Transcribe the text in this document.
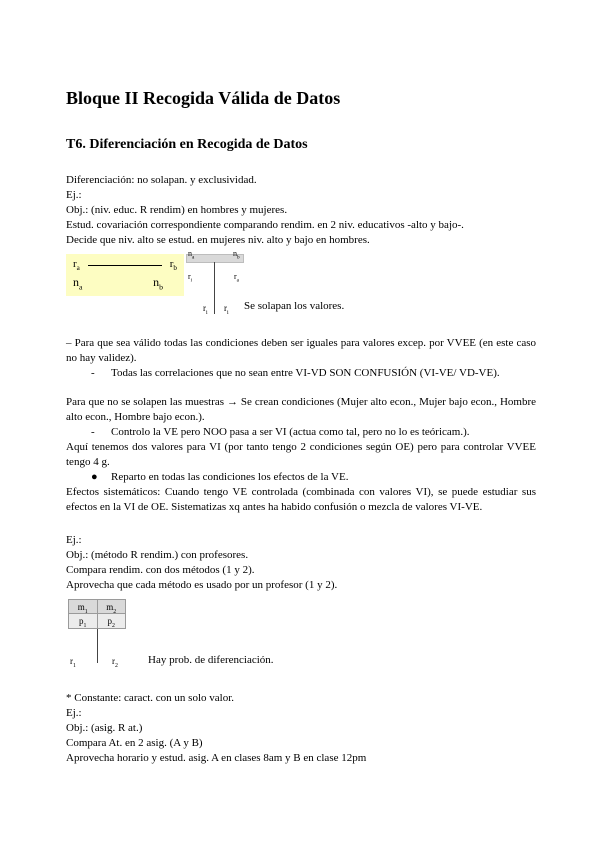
Bloque II Recogida Válida de Datos
T6. Diferenciación en Recogida de Datos

Diferenciación: no solapan. y exclusividad.

Ej.:

Obj.: (niv. educ. R rendim) en hombres y mujeres.

Estud. covariación correspondiente comparando rendim. en 2 niv. educativos -alto y bajo-.

Decide que niv. alto se estud. en mujeres niv. alto y bajo en hombres.

$r_a$	$r_b$
$n_a$	$n_b$
$n_a$	$n_b$
$r_i$	$r_a$
$r_i$ $r_i$
Se solapan los valores.

– Para que sea válido todas las condiciones deben ser iguales para valores excep. por VVEE (en este caso no hay validez).

-	Todas las correlaciones que no sean entre VI-VD SON CONFUSIÓN (VI-VE/ VD-VE).

Para que no se solapen las muestras → Se crean condiciones (Mujer alto econ., Mujer bajo econ., Hombre alto econ., Hombre bajo econ.).

-	Controlo la VE pero NOO pasa a ser VI (actua como tal, pero no lo es teóricam.).

Aquí tenemos dos valores para VI (por tanto tengo 2 condiciones según OE) pero para controlar VVEE tengo 4 g.

●	Reparto en todas las condiciones los efectos de la VE.

Efectos sistemáticos: Cuando tengo VE controlada (combinada con valores VI), se puede estudiar sus efectos en la VI de OE. Sistematizas xq antes ha habido confusión o mezcla de valores VI-VE.

Ej.:

Obj.: (método R rendim.) con profesores.

Compara rendim. con dos métodos (1 y 2).

Aprovecha que cada método es usado por un profesor (1 y 2).

$m_1$	$m_2$
$p_1$	$p_2$
$r_1$	$r_2$	Hay prob. de diferenciación.

* Constante: caract. con un solo valor.

Ej.:

Obj.: (asig. R at.)

Compara At. en 2 asig. (A y B)

Aprovecha horario y estud. asig. A en clases 8am y B en clase 12pm
